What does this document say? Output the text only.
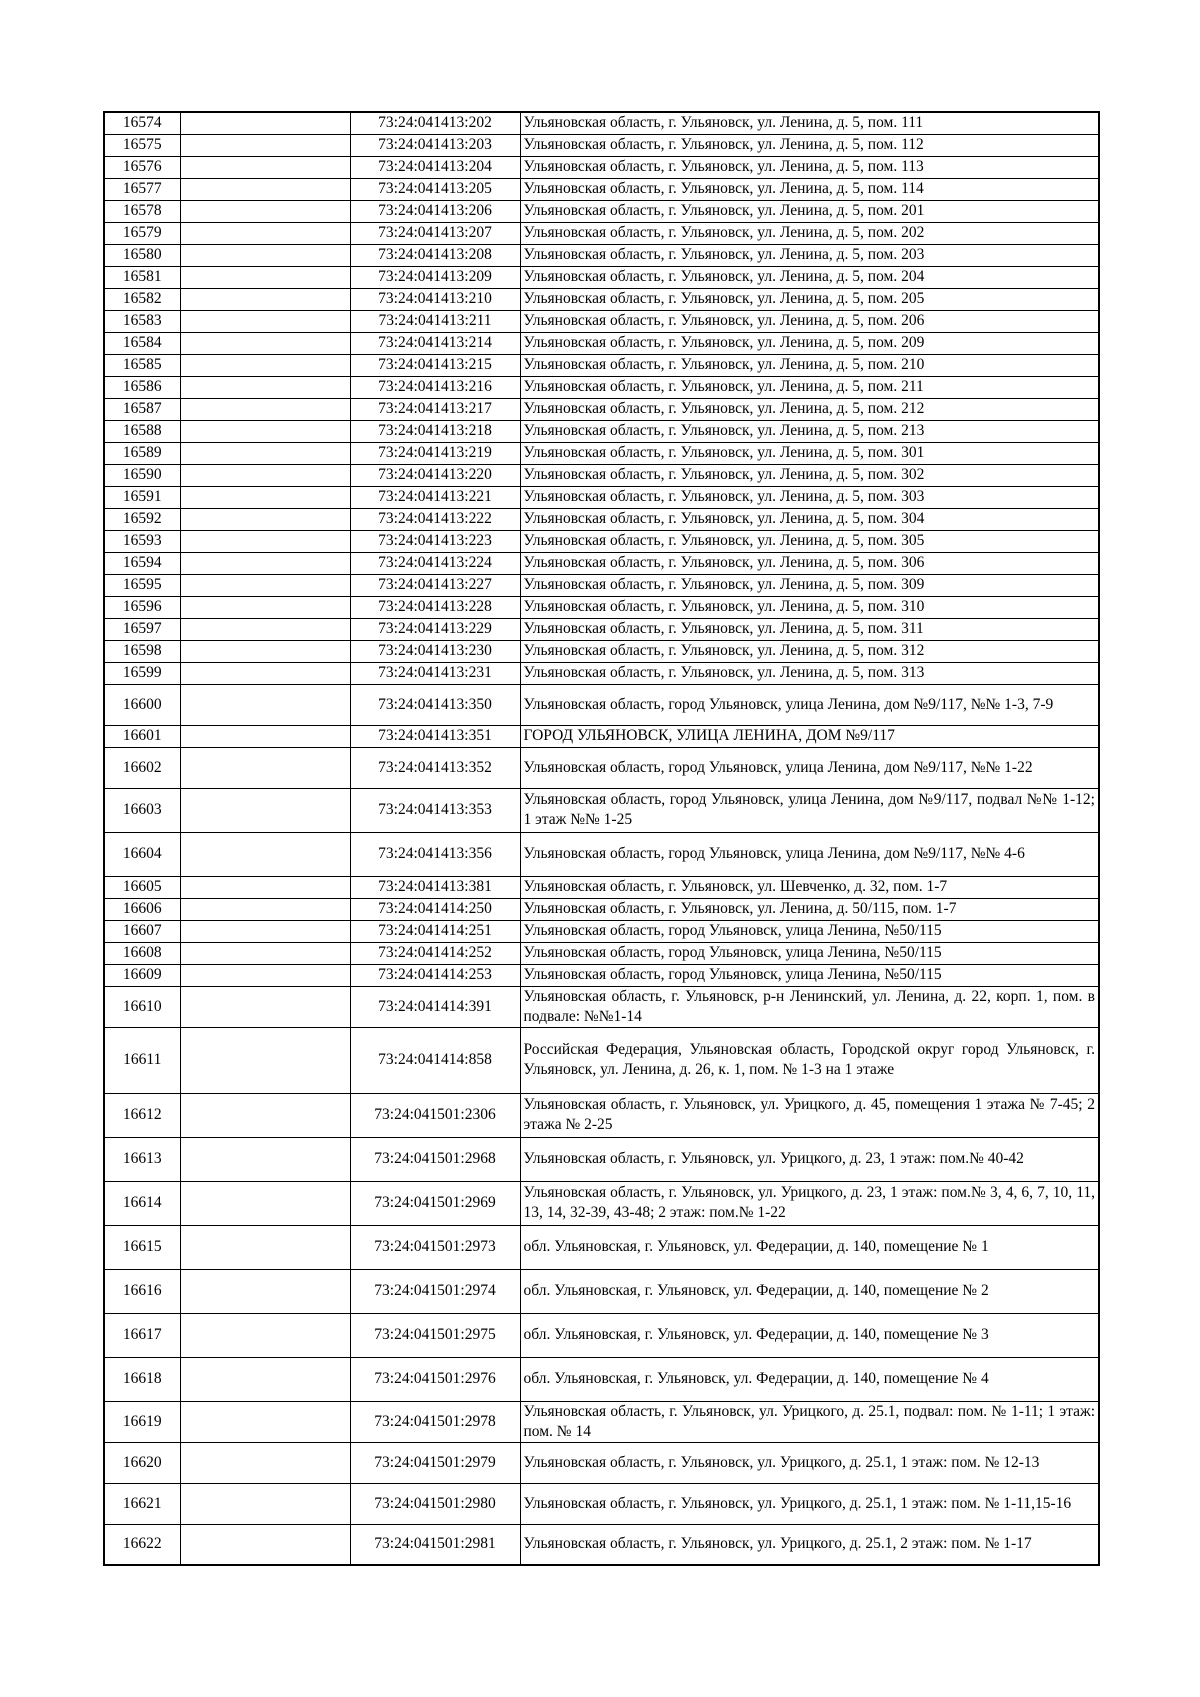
16574		73:24:041413:202	Ульяновская область, г. Ульяновск, ул. Ленина, д. 5, пом. 111
16575		73:24:041413:203	Ульяновская область, г. Ульяновск, ул. Ленина, д. 5, пом. 112
16576		73:24:041413:204	Ульяновская область, г. Ульяновск, ул. Ленина, д. 5, пом. 113
16577		73:24:041413:205	Ульяновская область, г. Ульяновск, ул. Ленина, д. 5, пом. 114
16578		73:24:041413:206	Ульяновская область, г. Ульяновск, ул. Ленина, д. 5, пом. 201
16579		73:24:041413:207	Ульяновская область, г. Ульяновск, ул. Ленина, д. 5, пом. 202
16580		73:24:041413:208	Ульяновская область, г. Ульяновск, ул. Ленина, д. 5, пом. 203
16581		73:24:041413:209	Ульяновская область, г. Ульяновск, ул. Ленина, д. 5, пом. 204
16582		73:24:041413:210	Ульяновская область, г. Ульяновск, ул. Ленина, д. 5, пом. 205
16583		73:24:041413:211	Ульяновская область, г. Ульяновск, ул. Ленина, д. 5, пом. 206
16584		73:24:041413:214	Ульяновская область, г. Ульяновск, ул. Ленина, д. 5, пом. 209
16585		73:24:041413:215	Ульяновская область, г. Ульяновск, ул. Ленина, д. 5, пом. 210
16586		73:24:041413:216	Ульяновская область, г. Ульяновск, ул. Ленина, д. 5, пом. 211
16587		73:24:041413:217	Ульяновская область, г. Ульяновск, ул. Ленина, д. 5, пом. 212
16588		73:24:041413:218	Ульяновская область, г. Ульяновск, ул. Ленина, д. 5, пом. 213
16589		73:24:041413:219	Ульяновская область, г. Ульяновск, ул. Ленина, д. 5, пом. 301
16590		73:24:041413:220	Ульяновская область, г. Ульяновск, ул. Ленина, д. 5, пом. 302
16591		73:24:041413:221	Ульяновская область, г. Ульяновск, ул. Ленина, д. 5, пом. 303
16592		73:24:041413:222	Ульяновская область, г. Ульяновск, ул. Ленина, д. 5, пом. 304
16593		73:24:041413:223	Ульяновская область, г. Ульяновск, ул. Ленина, д. 5, пом. 305
16594		73:24:041413:224	Ульяновская область, г. Ульяновск, ул. Ленина, д. 5, пом. 306
16595		73:24:041413:227	Ульяновская область, г. Ульяновск, ул. Ленина, д. 5, пом. 309
16596		73:24:041413:228	Ульяновская область, г. Ульяновск, ул. Ленина, д. 5, пом. 310
16597		73:24:041413:229	Ульяновская область, г. Ульяновск, ул. Ленина, д. 5, пом. 311
16598		73:24:041413:230	Ульяновская область, г. Ульяновск, ул. Ленина, д. 5, пом. 312
16599		73:24:041413:231	Ульяновская область, г. Ульяновск, ул. Ленина, д. 5, пом. 313
16600		73:24:041413:350	Ульяновская область, город Ульяновск, улица Ленина, дом №9/117, №№ 1-3, 7-9
16601		73:24:041413:351	ГОРОД УЛЬЯНОВСК, УЛИЦА ЛЕНИНА, ДОМ №9/117
16602		73:24:041413:352	Ульяновская область, город Ульяновск, улица Ленина, дом №9/117, №№ 1-22
16603		73:24:041413:353	Ульяновская область, город Ульяновск, улица Ленина, дом №9/117, подвал №№ 1-12; 1 этаж №№ 1-25
16604		73:24:041413:356	Ульяновская область, город Ульяновск, улица Ленина, дом №9/117, №№ 4-6
16605		73:24:041413:381	Ульяновская область, г. Ульяновск, ул. Шевченко, д. 32, пом. 1-7
16606		73:24:041414:250	Ульяновская область, г. Ульяновск, ул. Ленина, д. 50/115, пом. 1-7
16607		73:24:041414:251	Ульяновская область, город Ульяновск, улица Ленина, №50/115
16608		73:24:041414:252	Ульяновская область, город Ульяновск, улица Ленина, №50/115
16609		73:24:041414:253	Ульяновская область, город Ульяновск, улица Ленина, №50/115
16610		73:24:041414:391	Ульяновская область, г. Ульяновск, р-н Ленинский, ул. Ленина, д. 22, корп. 1, пом. в подвале: №№1-14
16611		73:24:041414:858	Российская Федерация, Ульяновская область, Городской округ город Ульяновск, г. Ульяновск, ул. Ленина, д. 26, к. 1, пом. № 1-3 на 1 этаже
16612		73:24:041501:2306	Ульяновская область, г. Ульяновск, ул. Урицкого, д. 45, помещения 1 этажа № 7-45; 2 этажа № 2-25
16613		73:24:041501:2968	Ульяновская область, г. Ульяновск, ул. Урицкого, д. 23, 1 этаж: пом.№ 40-42
16614		73:24:041501:2969	Ульяновская область, г. Ульяновск, ул. Урицкого, д. 23, 1 этаж: пом.№ 3, 4, 6, 7, 10, 11, 13, 14, 32-39, 43-48; 2 этаж: пом.№ 1-22
16615		73:24:041501:2973	обл. Ульяновская, г. Ульяновск, ул. Федерации, д. 140, помещение № 1
16616		73:24:041501:2974	обл. Ульяновская, г. Ульяновск, ул. Федерации, д. 140, помещение № 2
16617		73:24:041501:2975	обл. Ульяновская, г. Ульяновск, ул. Федерации, д. 140, помещение № 3
16618		73:24:041501:2976	обл. Ульяновская, г. Ульяновск, ул. Федерации, д. 140, помещение № 4
16619		73:24:041501:2978	Ульяновская область, г. Ульяновск, ул. Урицкого, д. 25.1, подвал: пом. № 1-11; 1 этаж: пом. № 14
16620		73:24:041501:2979	Ульяновская область, г. Ульяновск, ул. Урицкого, д. 25.1, 1 этаж: пом. № 12-13
16621		73:24:041501:2980	Ульяновская область, г. Ульяновск, ул. Урицкого, д. 25.1, 1 этаж: пом. № 1-11,15-16
16622		73:24:041501:2981	Ульяновская область, г. Ульяновск, ул. Урицкого, д. 25.1, 2 этаж: пом. № 1-17
